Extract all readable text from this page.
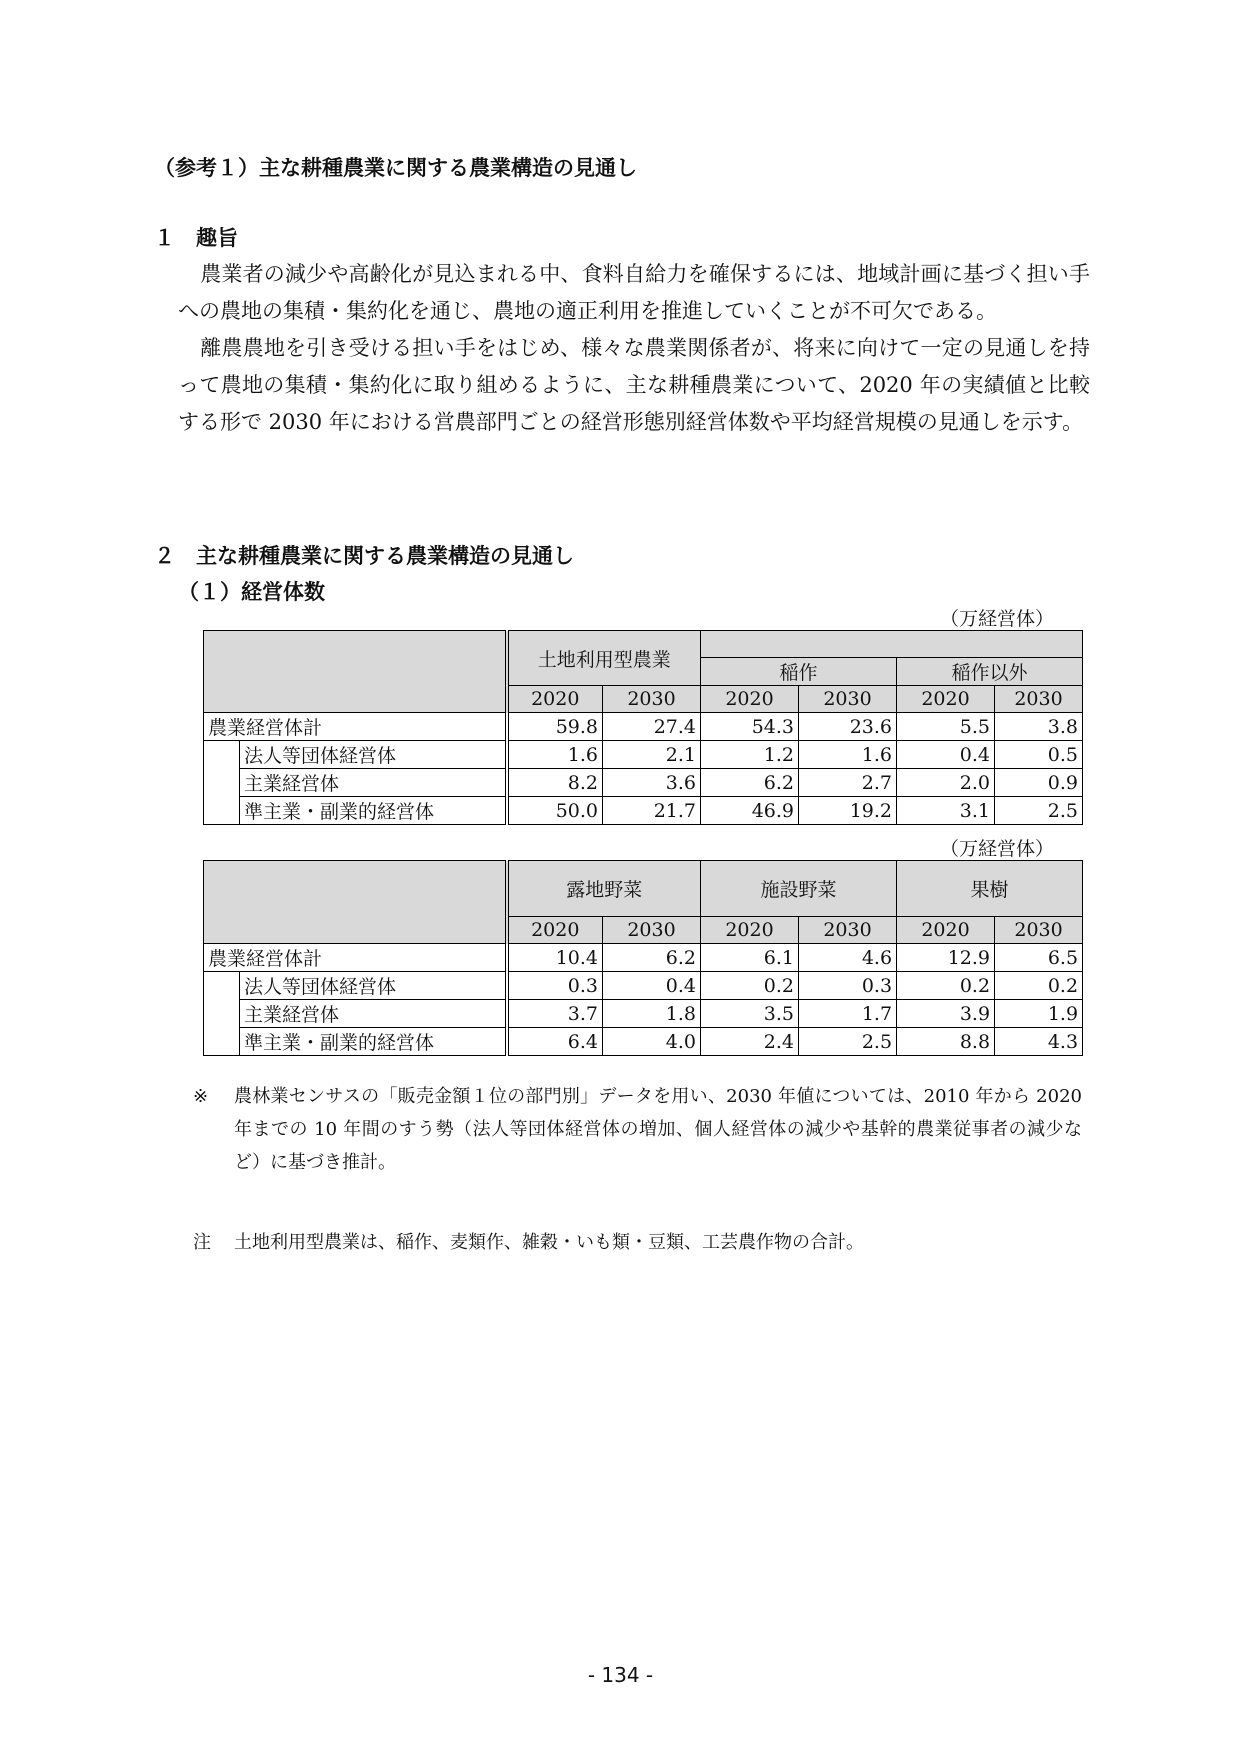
（参考１）主な耕種農業に関する農業構造の見通し
１　趣旨

農業者の減少や高齢化が見込まれる中、食料自給力を確保するには、地域計画に基づく担い手への農地の集積・集約化を通じ、農地の適正利用を推進していくことが不可欠である。

離農農地を引き受ける担い手をはじめ、様々な農業関係者が、将来に向けて一定の見通しを持って農地の集積・集約化に取り組めるように、主な耕種農業について、2020 年の実績値と比較する形で 2030 年における営農部門ごとの経営形態別経営体数や平均経営規模の見通しを示す。

２　主な耕種農業に関する農業構造の見通し
（１）経営体数
（万経営体）
		土地利用型農業					
				稲作		稲作以外	
		2020	2030	2020	2030	2020	2030
農業経営体計		59.8	27.4	54.3	23.6	5.5	3.8
	法人等団体経営体	1.6	2.1	1.2	1.6	0.4	0.5
	主業経営体	8.2	3.6	6.2	2.7	2.0	0.9
	準主業・副業的経営体	50.0	21.7	46.9	19.2	3.1	2.5
（万経営体）
		露地野菜		施設野菜		果樹	
		2020	2030	2020	2030	2020	2030
農業経営体計		10.4	6.2	6.1	4.6	12.9	6.5
	法人等団体経営体	0.3	0.4	0.2	0.3	0.2	0.2
	主業経営体	3.7	1.8	3.5	1.7	3.9	1.9
	準主業・副業的経営体	6.4	4.0	2.4	2.5	8.8	4.3
※ 農林業センサスの「販売金額１位の部門別」データを用い、2030 年値については、2010 年から 2020 年までの 10 年間のすう勢（法人等団体経営体の増加、個人経営体の減少や基幹的農業従事者の減少など）に基づき推計。
注 土地利用型農業は、稲作、麦類作、雑穀・いも類・豆類、工芸農作物の合計。
- 134 -
